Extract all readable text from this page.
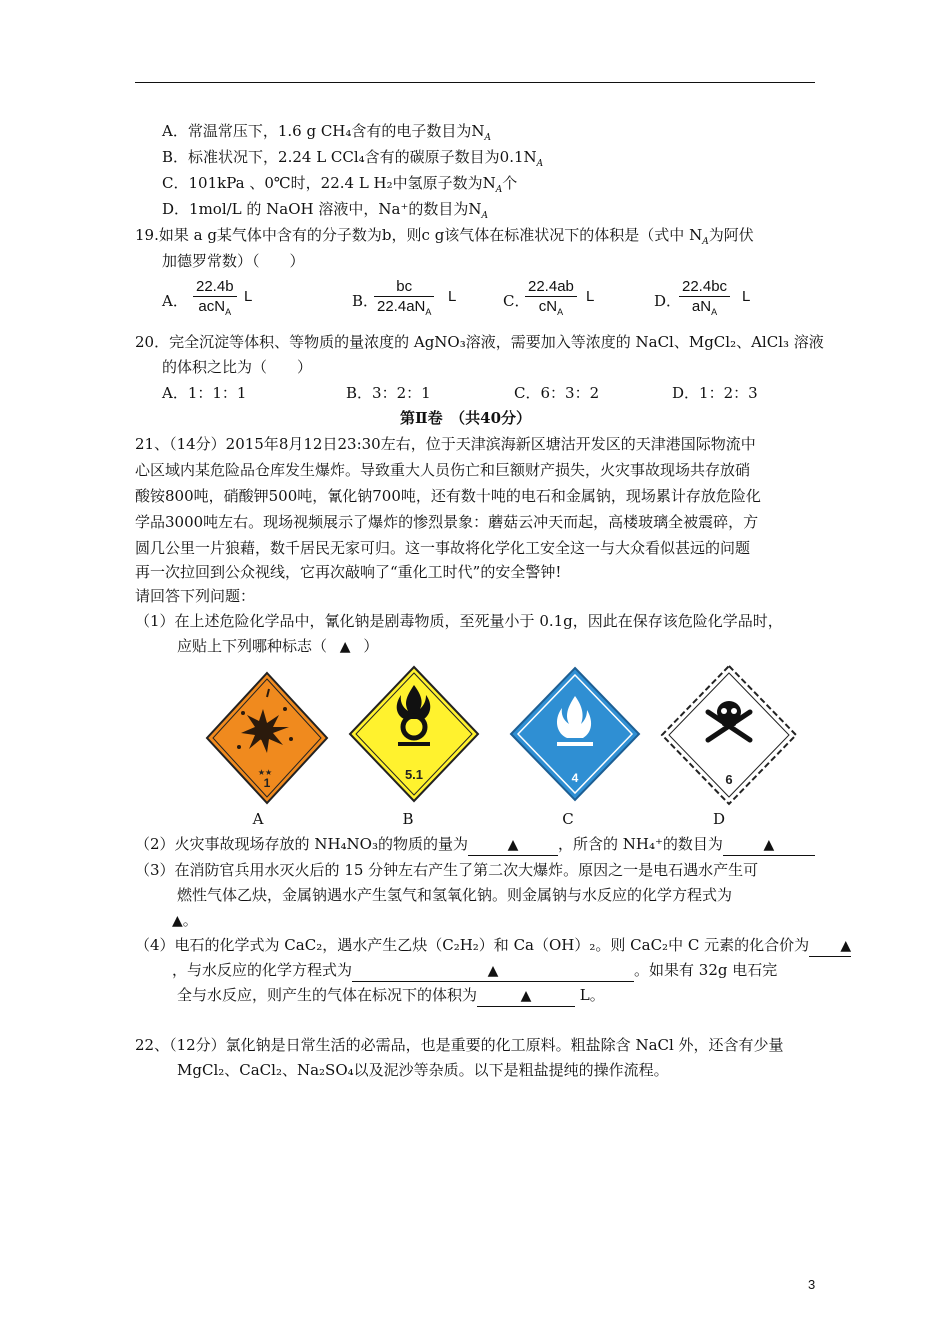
A．常温常压下，1.6 g CH₄含有的电子数目为$N_A$
B．标准状况下，2.24 L CCl₄含有的碳原子数目为$0.1N_A$
C．101kPa 、0℃时，22.4 L H₂中氢原子数为$N_A$个
D．1mol/L 的 NaOH 溶液中，Na⁺的数目为$N_A$
19.如果 a g某气体中含有的分子数为b，则c g该气体在标准状况下的体积是（式中 $N_A$为阿伏
加德罗常数）（　　）
A．
22.4b
acN$_A$
L	B．
bc
$22.4aN_A$
L	C．
22.4ab
$cN_A$
L	D．
22.4bc
$aN_A$
L
20．完全沉淀等体积、等物质的量浓度的 AgNO₃溶液，需要加入等浓度的 NaCl、MgCl₂、AlCl₃ 溶液
的体积之比为（　　）
A．1：1：1	B．3：2：1	C．6：3：2	D．1：2：3
第Ⅱ卷　（共40分）
21、（14分）2015年8月12日23:30左右，位于天津滨海新区塘沽开发区的天津港国际物流中
心区域内某危险品仓库发生爆炸。导致重大人员伤亡和巨额财产损失，火灾事故现场共存放硝
酸铵800吨，硝酸钾500吨，氰化钠700吨，还有数十吨的电石和金属钠，现场累计存放危险化
学品3000吨左右。现场视频展示了爆炸的惨烈景象：蘑菇云冲天而起，高楼玻璃全被震碎，方
圆几公里一片狼藉，数千居民无家可归。这一事故将化学化工安全这一与大众看似甚远的问题
再一次拉回到公众视线，它再次敲响了“重化工时代”的安全警钟!
请回答下列问题：
（1）在上述危险化学品中，氰化钠是剧毒物质，至死量小于 0.1g，因此在保存该危险化学品时，
应贴上下列哪种标志（ ▲ ）
★★
1
5.1	4	6
A	B	C	D
（2）火灾事故现场存放的 NH₄NO₃的物质的量为	▲	，所含的 NH₄⁺的数目为	▲
（3）在消防官兵用水灭火后的 15 分钟左右产生了第二次大爆炸。原因之一是电石遇水产生可
燃性气体乙炔，金属钠遇水产生氢气和氢氧化钠。则金属钠与水反应的化学方程式为
▲。
（4）电石的化学式为 CaC₂，遇水产生乙炔（C₂H₂）和 Ca（OH）₂。则 CaC₂中 C 元素的化合价为 ▲
，与水反应的化学方程式为	▲	。如果有 32g 电石完
全与水反应，则产生的气体在标况下的体积为	▲	L。
22、（12分）氯化钠是日常生活的必需品，也是重要的化工原料。粗盐除含 NaCl 外，还含有少量
MgCl₂、CaCl₂、Na₂SO₄以及泥沙等杂质。以下是粗盐提纯的操作流程。
3
